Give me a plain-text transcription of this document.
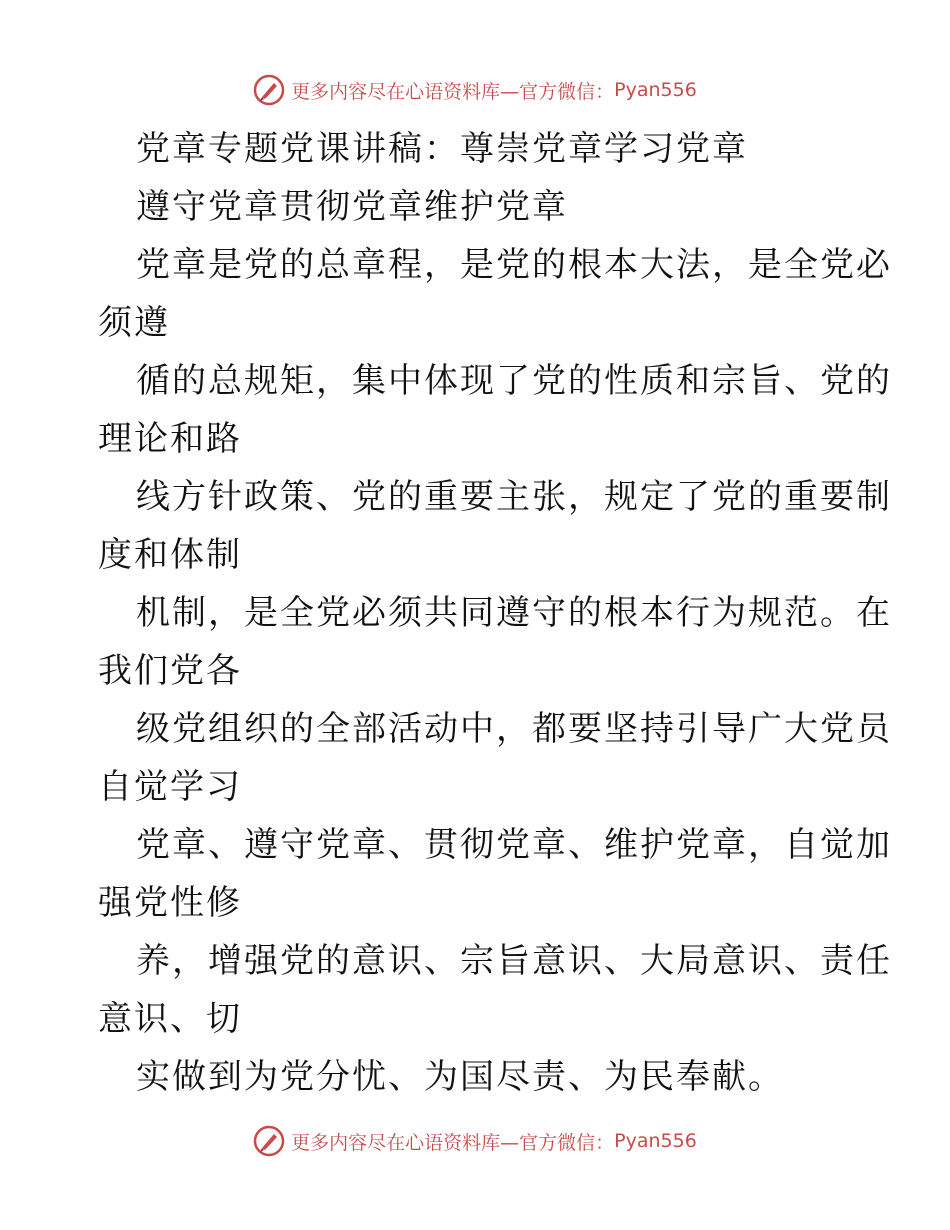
更多内容尽在心语资料库—官方微信： Pyan556
党章专题党课讲稿：尊崇党章学习党章
遵守党章贯彻党章维护党章
党章是党的总章程，是党的根本大法，是全党必
须遵
循的总规矩，集中体现了党的性质和宗旨、党的
理论和路
线方针政策、党的重要主张，规定了党的重要制
度和体制
机制，是全党必须共同遵守的根本行为规范。在
我们党各
级党组织的全部活动中，都要坚持引导广大党员
自觉学习
党章、遵守党章、贯彻党章、维护党章，自觉加
强党性修
养，增强党的意识、宗旨意识、大局意识、责任
意识、切
实做到为党分忧、为国尽责、为民奉献。
更多内容尽在心语资料库—官方微信： Pyan556
